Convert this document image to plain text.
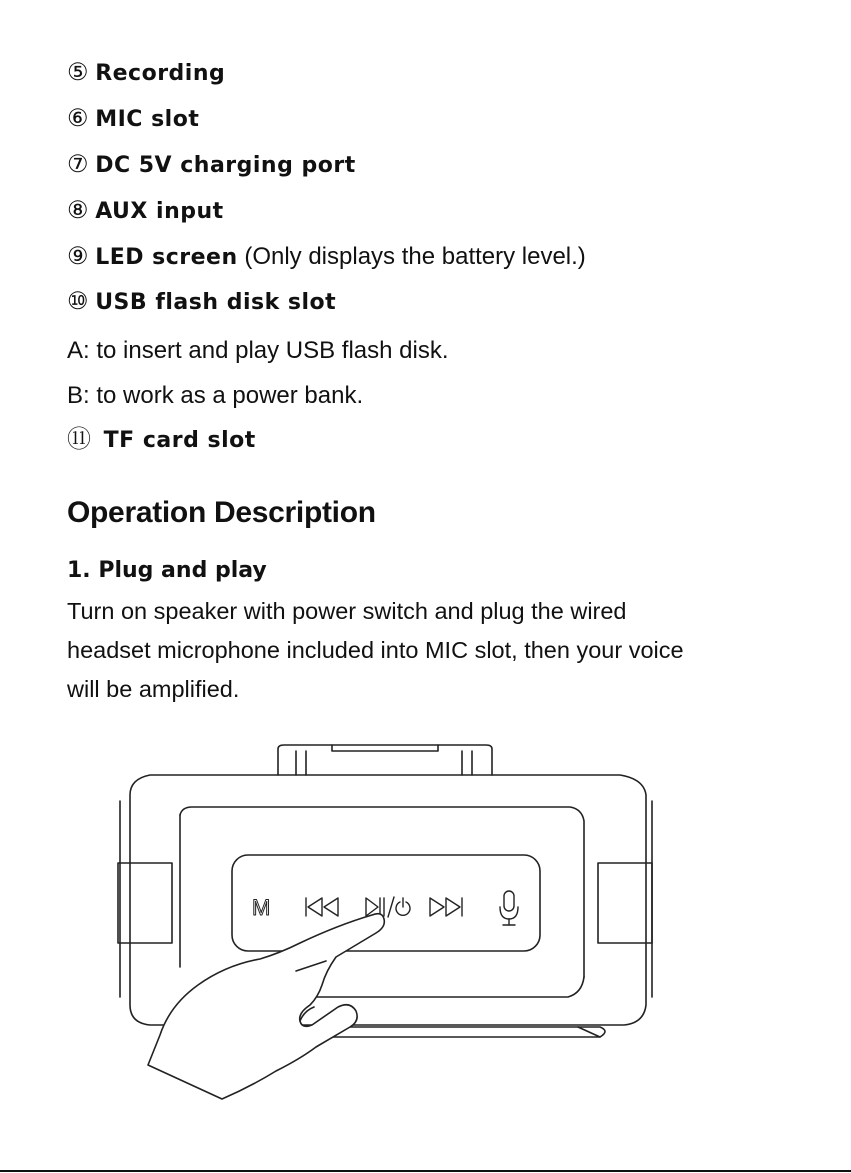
⑤ Recording
⑥ MIC slot
⑦ DC 5V charging port
⑧ AUX input
⑨ LED screen (Only displays the battery level.)
⑩ USB flash disk slot
A: to insert and play USB flash disk.
B: to work as a power bank.
⑪ TF card slot
Operation Description
1. Plug and play
Turn on speaker with power switch and plug the wired
headset microphone included into MIC slot, then your voice
will be amplified.
M
